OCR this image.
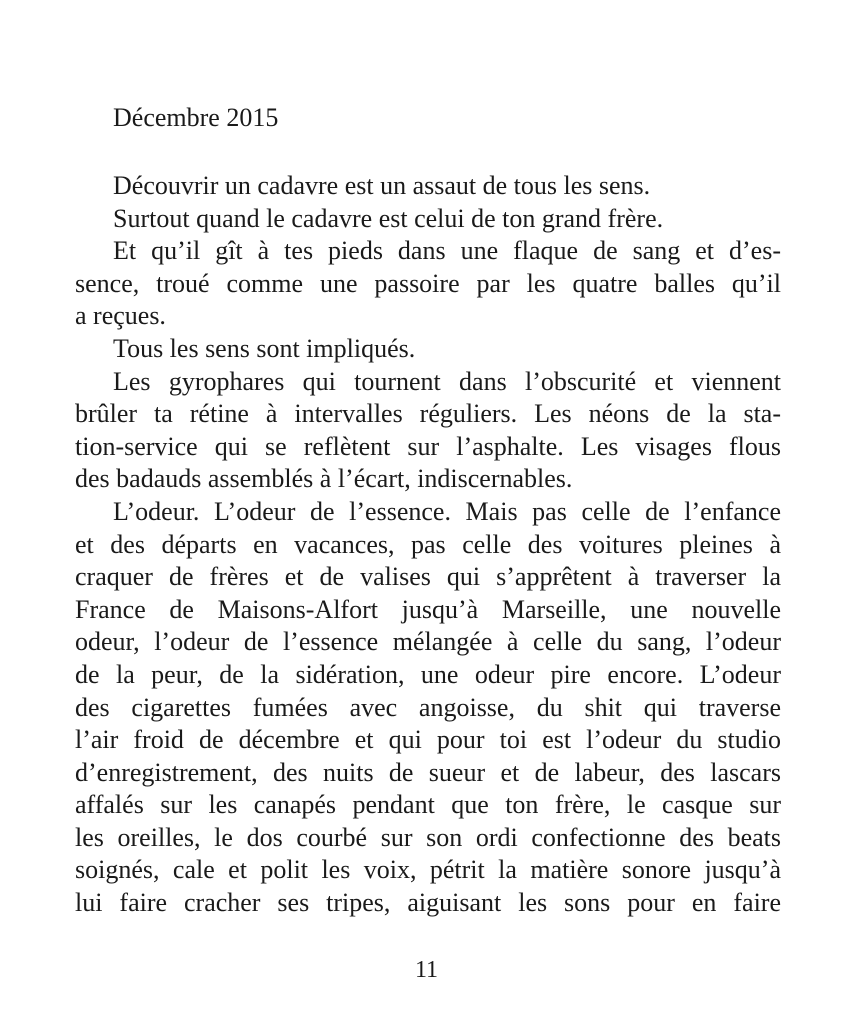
Décembre 2015
Découvrir un cadavre est un assaut de tous les sens.
Surtout quand le cadavre est celui de ton grand frère.
Et qu’il gît à tes pieds dans une flaque de sang et d’es-
sence, troué comme une passoire par les quatre balles qu’il
a reçues.
Tous les sens sont impliqués.
Les gyrophares qui tournent dans l’obscurité et viennent
brûler ta rétine à intervalles réguliers. Les néons de la sta-
tion-service qui se reflètent sur l’asphalte. Les visages flous
des badauds assemblés à l’écart, indiscernables.
L’odeur. L’odeur de l’essence. Mais pas celle de l’enfance
et des départs en vacances, pas celle des voitures pleines à
craquer de frères et de valises qui s’apprêtent à traverser la
France de Maisons-Alfort jusqu’à Marseille, une nouvelle
odeur, l’odeur de l’essence mélangée à celle du sang, l’odeur
de la peur, de la sidération, une odeur pire encore. L’odeur
des cigarettes fumées avec angoisse, du shit qui traverse
l’air froid de décembre et qui pour toi est l’odeur du studio
d’enregistrement, des nuits de sueur et de labeur, des lascars
affalés sur les canapés pendant que ton frère, le casque sur
les oreilles, le dos courbé sur son ordi confectionne des beats
soignés, cale et polit les voix, pétrit la matière sonore jusqu’à
lui faire cracher ses tripes, aiguisant les sons pour en faire
11
